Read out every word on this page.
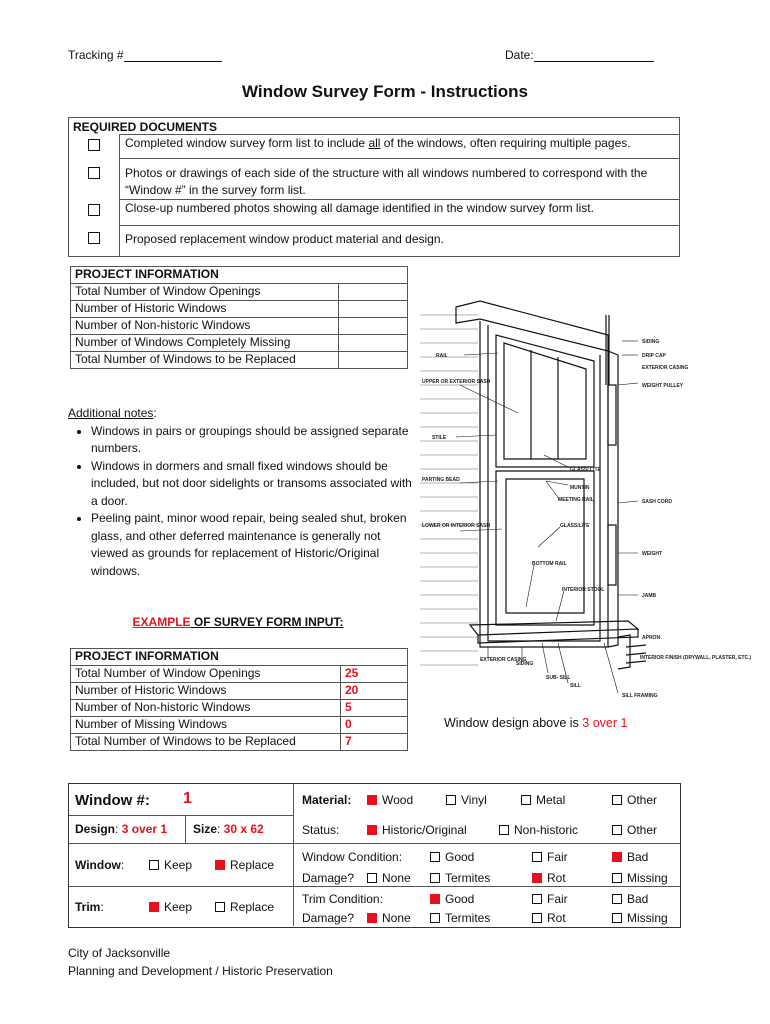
Tracking #	Date:
Window Survey Form - Instructions
REQUIRED DOCUMENTS	
	Completed window survey form list to include all of the windows, often requiring multiple pages.
	Photos or drawings of each side of the structure with all windows numbered to correspond with the “Window #” in the survey form list.
	Close-up numbered photos showing all damage identified in the window survey form list.
	Proposed replacement window product material and design.
PROJECT INFORMATION	
Total Number of Window Openings	
Number of Historic Windows	
Number of Non-historic Windows	
Number of Windows Completely Missing	
Total Number of Windows to be Replaced	
Additional notes:
• Windows in pairs or groupings should be assigned separate numbers.
• Windows in dormers and small fixed windows should be included, but not door sidelights or transoms associated with a door.
• Peeling paint, minor wood repair, being sealed shut, broken glass, and other deferred maintenance is generally not viewed as grounds for replacement of Historic/Original windows.
EXAMPLE OF SURVEY FORM INPUT:
PROJECT INFORMATION	
Total Number of Window Openings	25
Number of Historic Windows	20
Number of Non-historic Windows	5
Number of Missing Windows	0
Total Number of Windows to be Replaced	7
Window design above is 3 over 1
SIDING
DRIP CAP
EXTERIOR CASING
WEIGHT PULLEY
RAIL
UPPER OR EXTERIOR SASH
STILE
GLASS/ LITE
MUNTIN
PARTING BEAD
MEETING RAIL	SASH CORD
LOWER OR INTERIOR SASH	GLASS/LITE
WEIGHT
BOTTOM RAIL
INTERIOR STOOL
JAMB
APRON
EXTERIOR CASING
SIDING
SUB- SILL
SILL
INTERIOR FINISH (DRYWALL, PLASTER, ETC.)
SILL FRAMING
Window #: 1
Design: 3 over 1 Size: 30 x 62
Window:	Keep	Replace
Trim:	Keep	Replace
Material:	Wood	Vinyl	Metal	Other
Status:	Historic/Original	Non-historic	Other
Window Condition:	Good	Fair	Bad
Damage?	None	Termites	Rot	Missing
Trim Condition:	Good	Fair	Bad
Damage?	None	Termites	Rot	Missing
City of Jacksonville
Planning and Development / Historic Preservation
